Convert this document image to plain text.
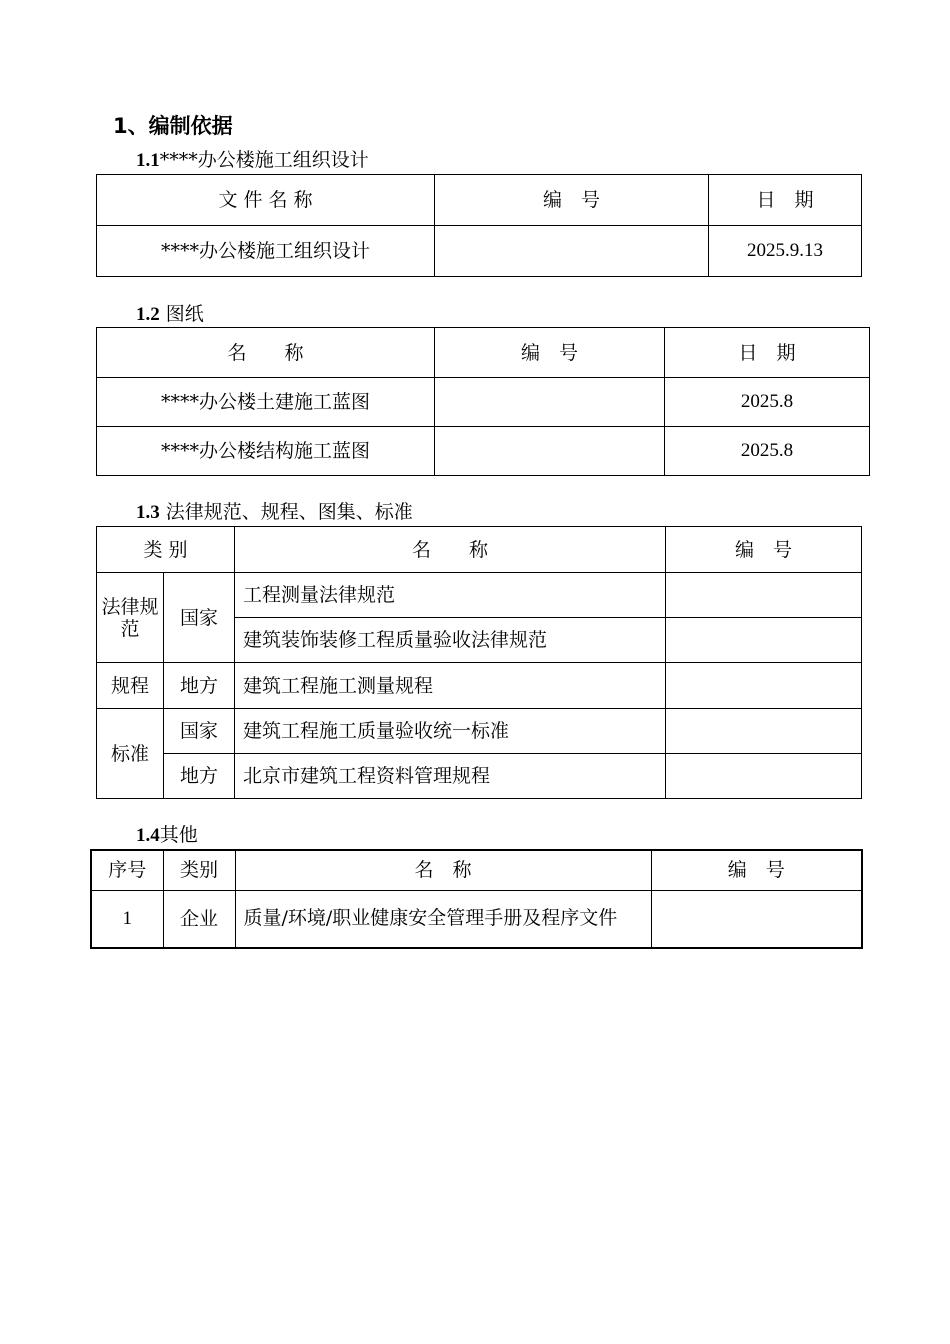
1、编制依据
1.1****办公楼施工组织设计
文 件 名 称	编　号	日　期
****办公楼施工组织设计		2025.9.13
1.2 图纸
名　　称	编　号	日　期
****办公楼土建施工蓝图		2025.8
****办公楼结构施工蓝图		2025.8
1.3 法律规范、规程、图集、标准
类 别		名　　称	编　号
法律规范	国家	工程测量法律规范	
		建筑装饰装修工程质量验收法律规范	
规程	地方	建筑工程施工测量规程	
标准	国家	建筑工程施工质量验收统一标准	
	地方	北京市建筑工程资料管理规程	
1.4其他
序号	类别	名　称	编　号
1	企业	质量/环境/职业健康安全管理手册及程序文件	
